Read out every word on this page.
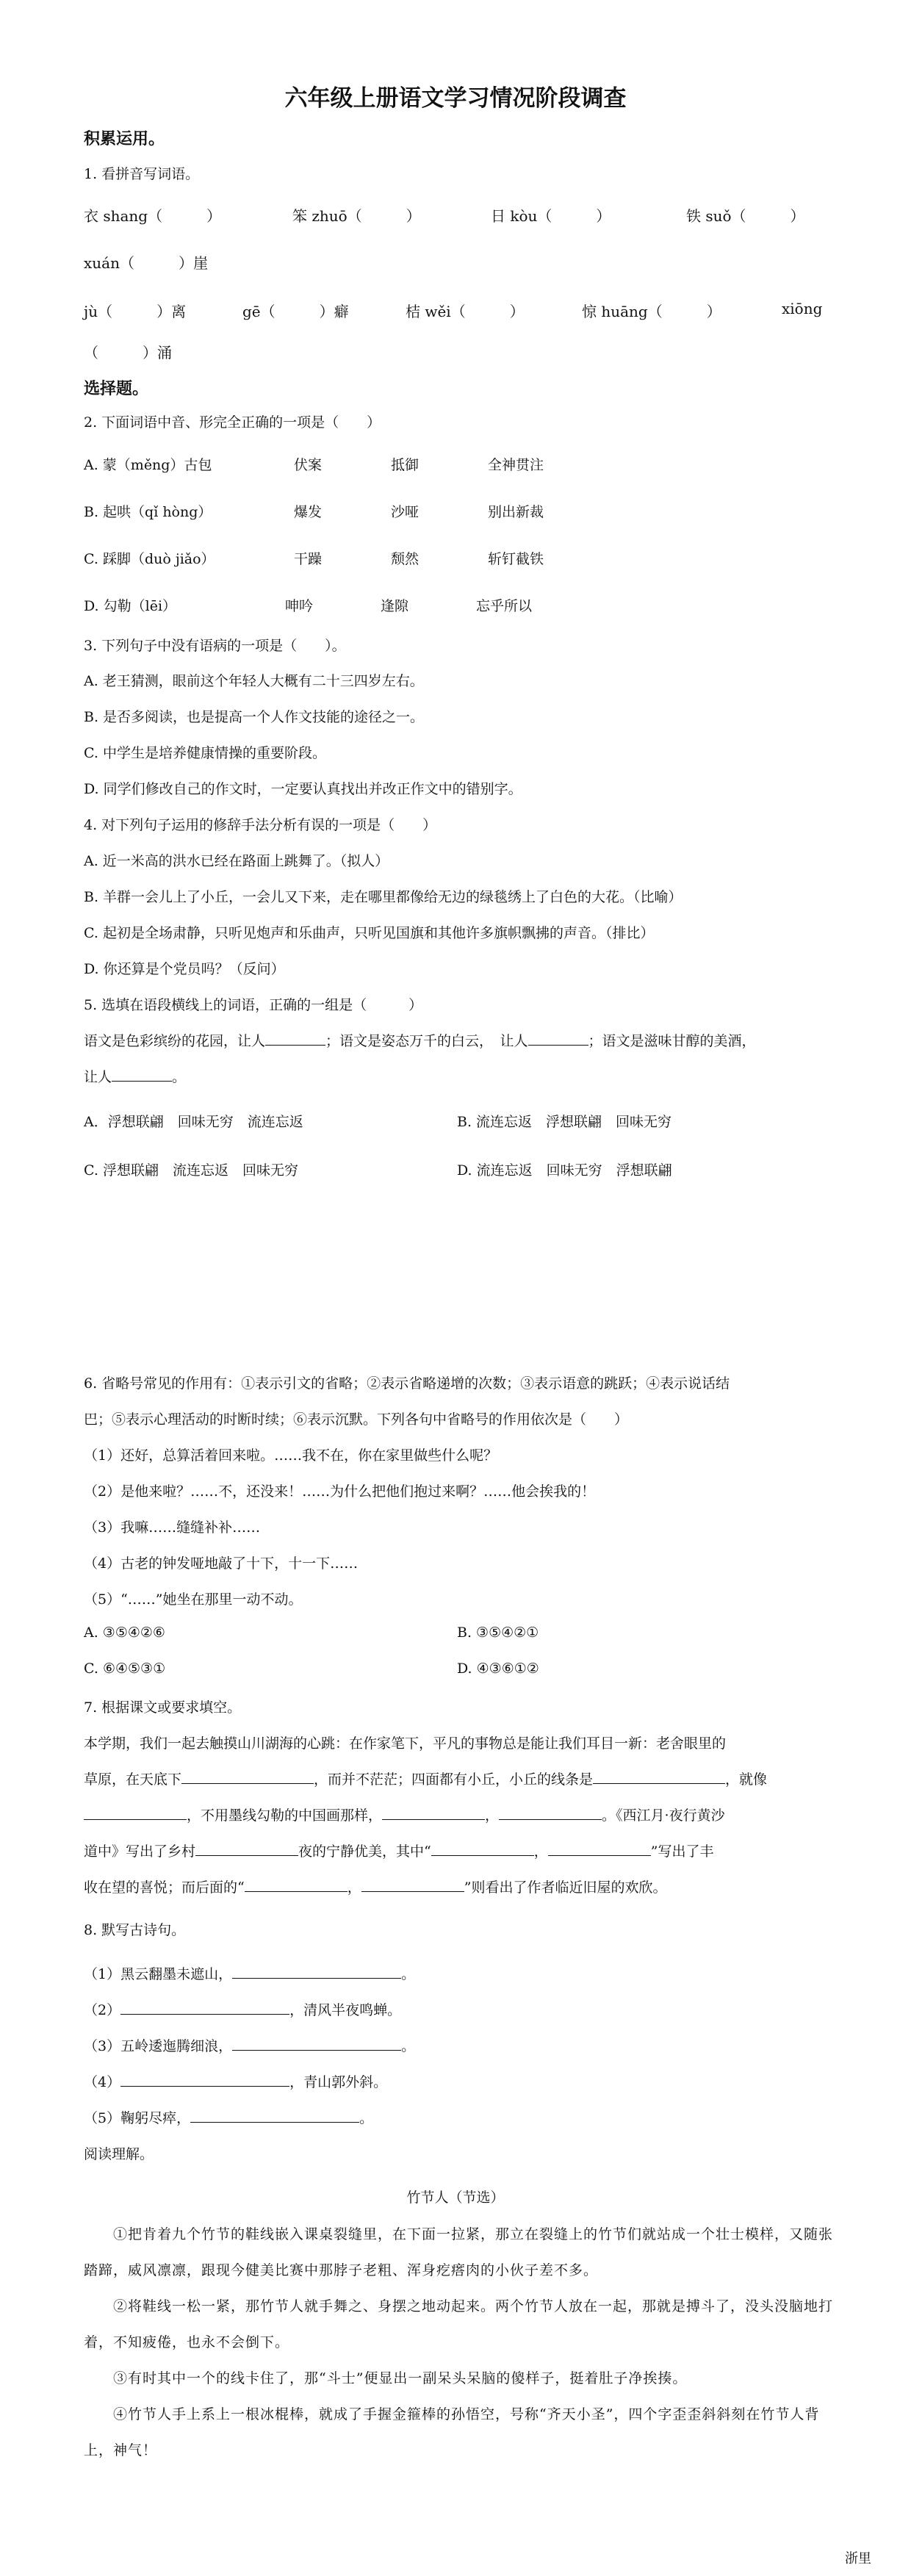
六年级上册语文学习情况阶段调查
积累运用。
1. 看拼音写词语。
衣 shang（　　　）	笨 zhuō（　　　）	日 kòu（　　　）	铁 suǒ（　　　）
xuán（　　　）崖
jù（　　　）离	gē（　　　）癖	桔 wěi（　　　）	惊 huāng（　　　）	xiōng
（　　　）涌
选择题。
2. 下面词语中音、形完全正确的一项是（　　）
A. 蒙（měng）古包	伏案	抵御	全神贯注
B. 起哄（qǐ hòng）	爆发	沙哑	别出新裁
C. 踩脚（duò jiǎo）	干躁	颓然	斩钉截铁
D. 勾勒（lēi）	呻吟	逢隙	忘乎所以
3. 下列句子中没有语病的一项是（　　）。
A. 老王猜测，眼前这个年轻人大概有二十三四岁左右。
B. 是否多阅读，也是提高一个人作文技能的途径之一。
C. 中学生是培养健康情操的重要阶段。
D. 同学们修改自己的作文时，一定要认真找出并改正作文中的错别字。
4. 对下列句子运用的修辞手法分析有误的一项是（　　）
A. 近一米高的洪水已经在路面上跳舞了。（拟人）
B. 羊群一会儿上了小丘，一会儿又下来，走在哪里都像给无边的绿毯绣上了白色的大花。（比喻）
C. 起初是全场肃静，只听见炮声和乐曲声，只听见国旗和其他许多旗帜飘拂的声音。（排比）
D. 你还算是个党员吗？（反问）
5. 选填在语段横线上的词语，正确的一组是（　　　）
语文是色彩缤纷的花园，让人	；语文是姿态万千的白云，　让人	；语文是滋味甘醇的美酒，
让人	。
A．浮想联翩　回味无穷　流连忘返	B. 流连忘返　浮想联翩　回味无穷
C. 浮想联翩　流连忘返　回味无穷	D. 流连忘返　回味无穷　浮想联翩
6. 省略号常见的作用有：①表示引文的省略；②表示省略递增的次数；③表示语意的跳跃；④表示说话结
巴；⑤表示心理活动的时断时续；⑥表示沉默。下列各句中省略号的作用依次是（　　）
（1）还好，总算活着回来啦。……我不在，你在家里做些什么呢？
（2）是他来啦？……不，还没来！……为什么把他们抱过来啊？……他会挨我的！
（3）我嘛……缝缝补补……
（4）古老的钟发哑地敲了十下，十一下……
（5）“……”她坐在那里一动不动。
A. ③⑤④②⑥	B. ③⑤④②①
C. ⑥④⑤③①	D. ④③⑥①②
7. 根据课文或要求填空。
本学期，我们一起去触摸山川湖海的心跳：在作家笔下，平凡的事物总是能让我们耳目一新：老舍眼里的
草原，在天底下	，而并不茫茫；四面都有小丘，小丘的线条是	，就像
，不用墨线勾勒的中国画那样，	，	。《西江月·夜行黄沙
道中》写出了乡村	夜的宁静优美，其中“	，	”写出了丰
收在望的喜悦；而后面的“	，	”则看出了作者临近旧屋的欢欣。
8. 默写古诗句。
（1）黑云翻墨未遮山，	。
（2）	，清风半夜鸣蝉。
（3）五岭逶迤腾细浪，	。
（4）	，青山郭外斜。
（5）鞠躬尽瘁，	。
阅读理解。
竹节人（节选）
①把肯着九个竹节的鞋线嵌入课桌裂缝里，在下面一拉紧，那立在裂缝上的竹节们就站成一个壮士模样，又随张踏蹄，威风凛凛，跟现今健美比赛中那脖子老粗、浑身疙瘩肉的小伙子差不多。
②将鞋线一松一紧，那竹节人就手舞之、身摆之地动起来。两个竹节人放在一起，那就是搏斗了，没头没脑地打着，不知疲倦，也永不会倒下。
③有时其中一个的线卡住了，那“斗士”便显出一副呆头呆脑的傻样子，挺着肚子净挨揍。
④竹节人手上系上一根冰棍棒，就成了手握金箍棒的孙悟空，号称“齐天小圣”，四个字歪歪斜斜刻在竹节人背上，神气！
浙里
